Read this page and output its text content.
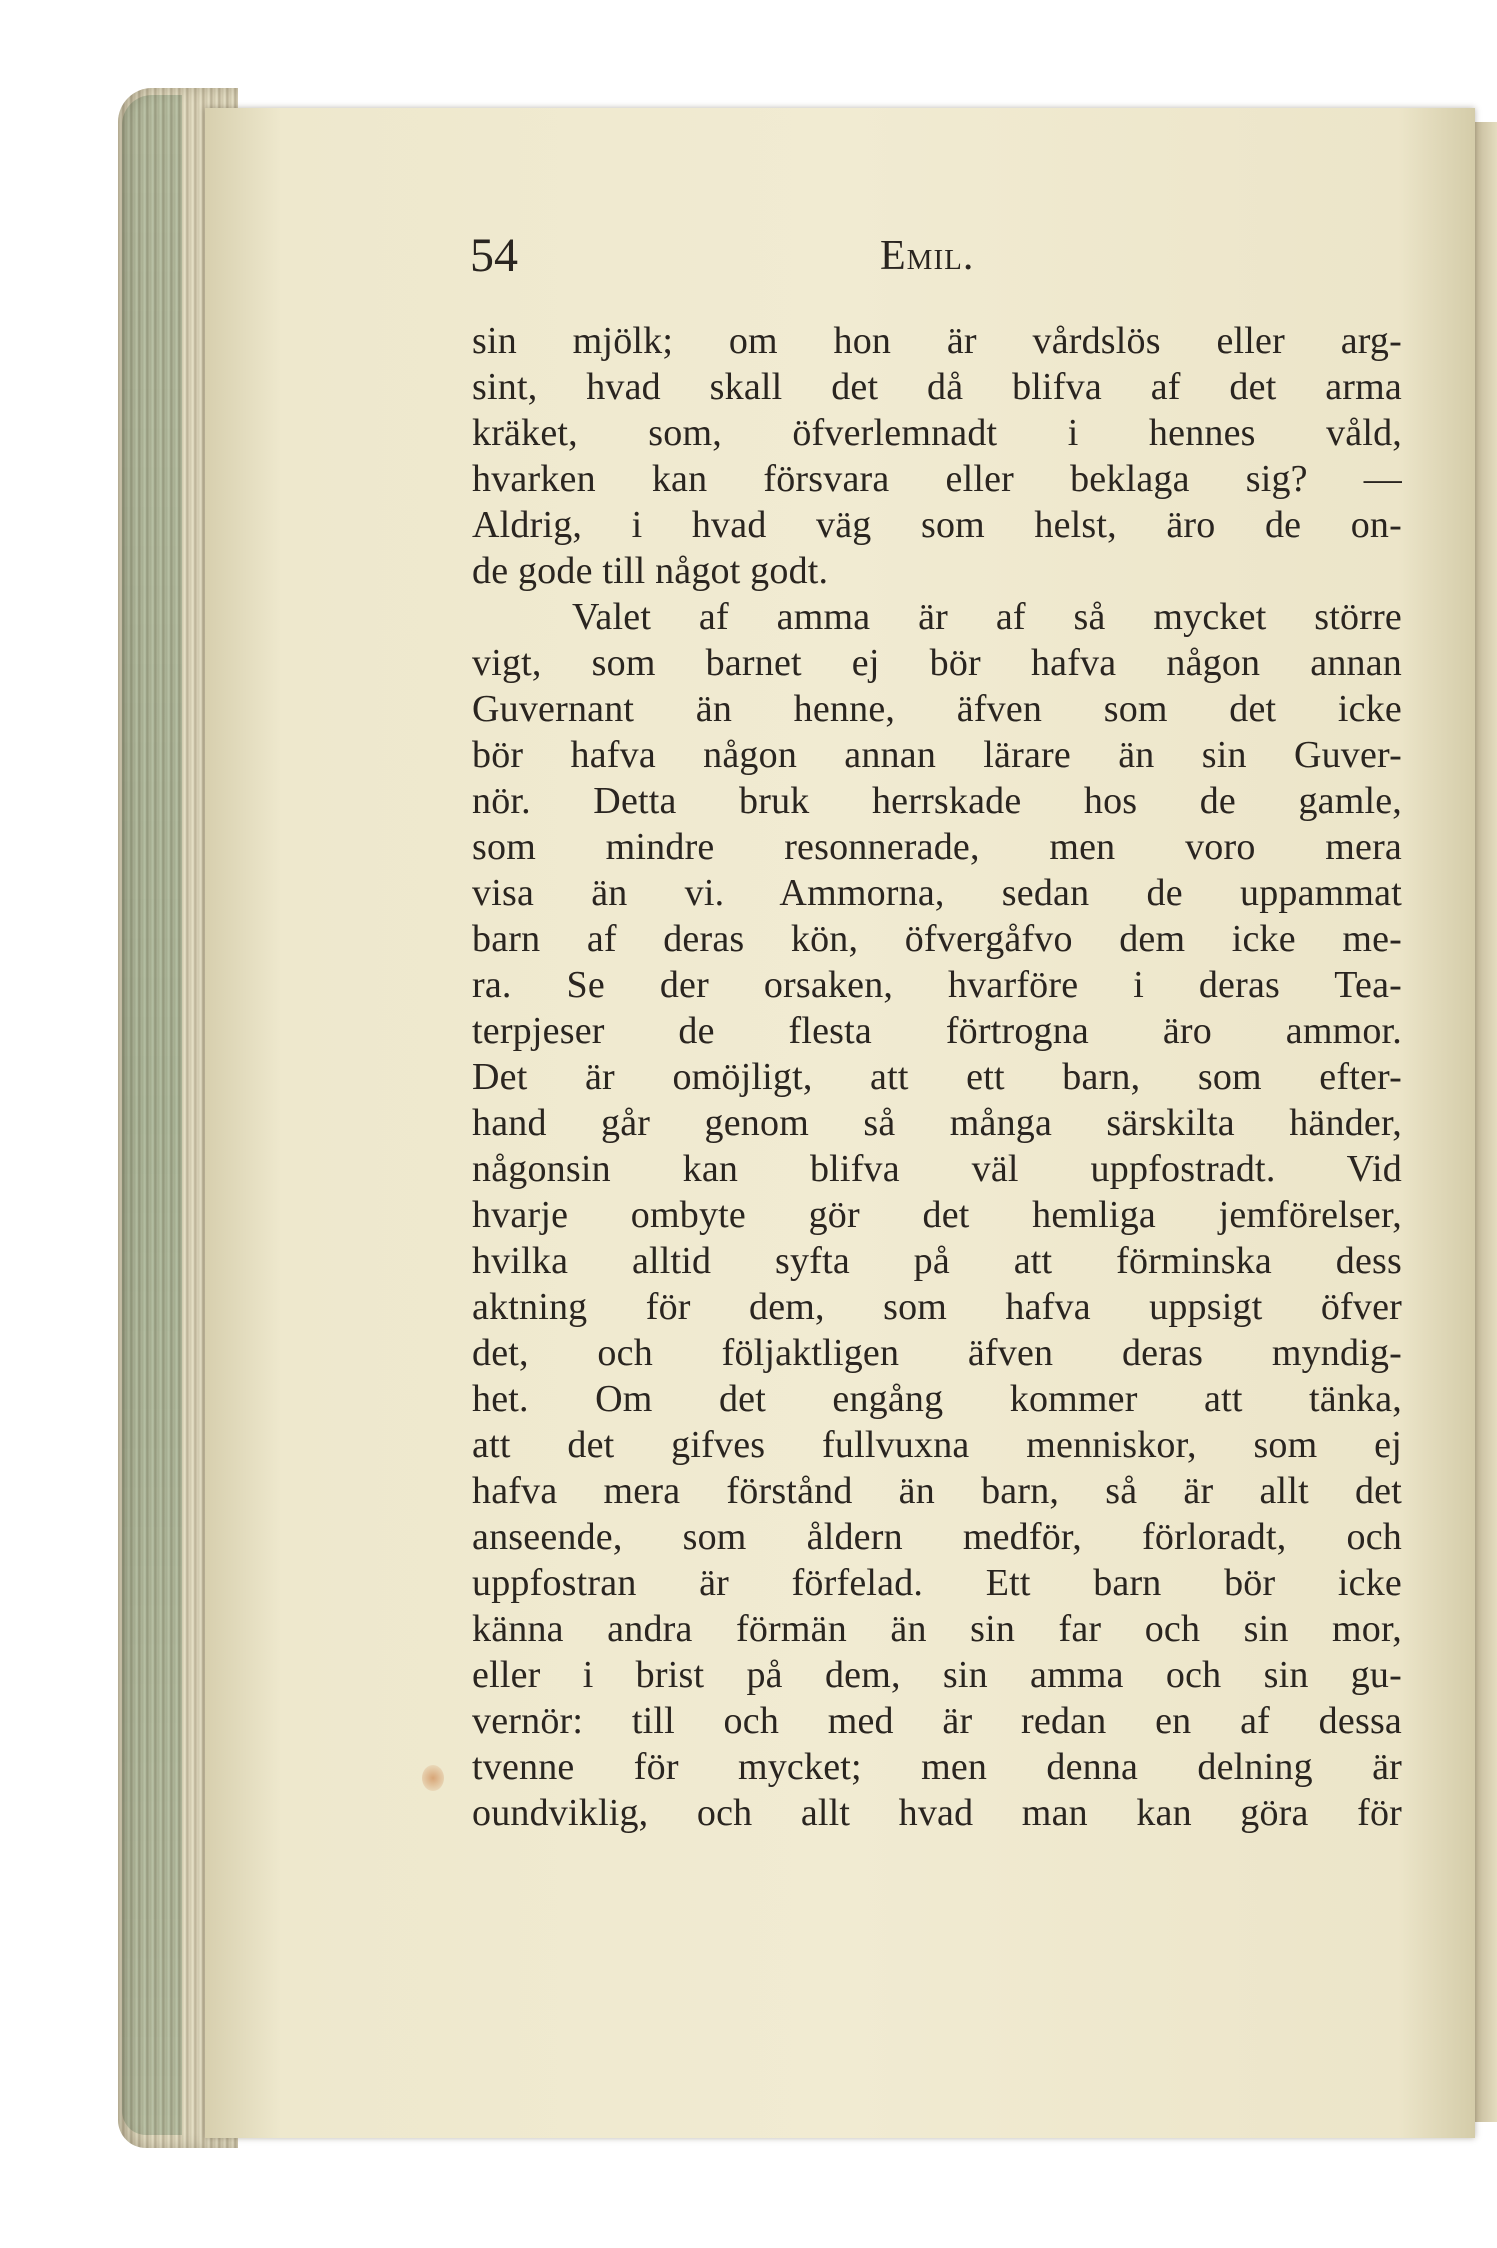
54	Emil.
sin mjölk; om hon är vårdslös eller arg-
sint, hvad skall det då blifva af det arma
kräket, som, öfverlemnadt i hennes våld,
hvarken kan försvara eller beklaga sig? —
Aldrig, i hvad väg som helst, äro de on-
de gode till något godt.
Valet af amma är af så mycket större
vigt, som barnet ej bör hafva någon annan
Guvernant än henne, äfven som det icke
bör hafva någon annan lärare än sin Guver-
nör. Detta bruk herrskade hos de gamle,
som mindre resonnerade, men voro mera
visa än vi. Ammorna, sedan de uppammat
barn af deras kön, öfvergåfvo dem icke me-
ra. Se der orsaken, hvarföre i deras Tea-
terpjeser de flesta förtrogna äro ammor.
Det är omöjligt, att ett barn, som efter-
hand går genom så många särskilta händer,
någonsin kan blifva väl uppfostradt. Vid
hvarje ombyte gör det hemliga jemförelser,
hvilka alltid syfta på att förminska dess
aktning för dem, som hafva uppsigt öfver
det, och följaktligen äfven deras myndig-
het. Om det engång kommer att tänka,
att det gifves fullvuxna menniskor, som ej
hafva mera förstånd än barn, så är allt det
anseende, som åldern medför, förloradt, och
uppfostran är förfelad. Ett barn bör icke
känna andra förmän än sin far och sin mor,
eller i brist på dem, sin amma och sin gu-
vernör: till och med är redan en af dessa
tvenne för mycket; men denna delning är
oundviklig, och allt hvad man kan göra för
